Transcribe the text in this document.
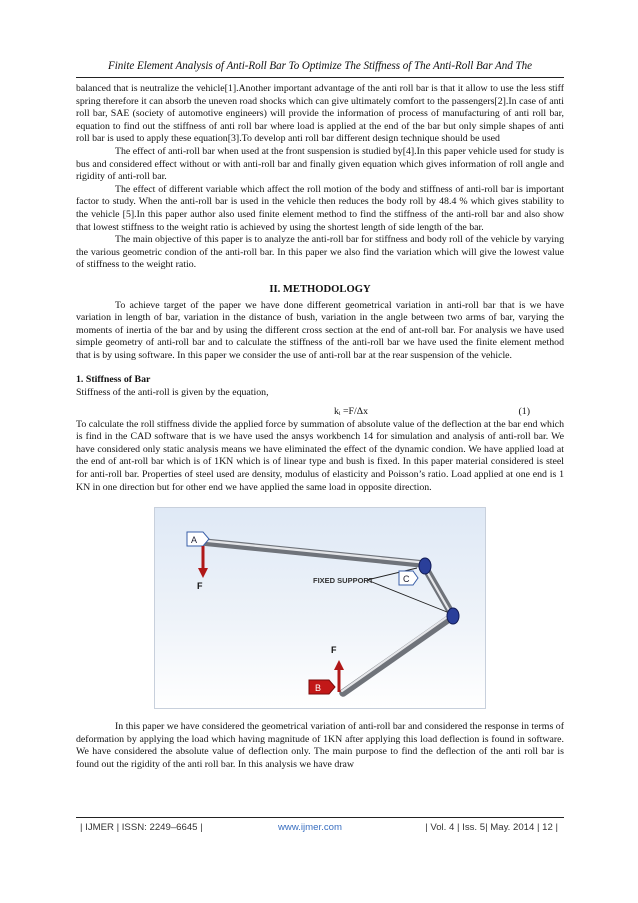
Finite Element Analysis of Anti-Roll Bar To Optimize The Stiffness of The Anti-Roll Bar And The

balanced that is neutralize the vehicle[1].Another important advantage of the anti roll bar is that it allow to use the less stiff spring therefore it can absorb the uneven road shocks which can give ultimately comfort to the passengers[2].In case of anti roll bar, SAE (society of automotive engineers) will provide the information of process of manufacturing of anti roll bar, equation to find out the stiffness of anti roll bar where load is applied at the end of the bar but only simple shapes of anti roll bar is used to apply these equation[3].To develop anti roll bar different design technique should be used

The effect of anti-roll bar when used at the front suspension is studied by[4].In this paper vehicle used for study is bus and considered effect without or with anti-roll bar and finally given equation which gives information of roll angle and rigidity of anti-roll bar.

The effect of different variable which affect the roll motion of the body and stiffness of anti-roll bar is important factor to study. When the anti-roll bar is used in the vehicle then reduces the body roll by 48.4 % which gives stability to the vehicle [5].In this paper author also used finite element method to find the stiffness of the anti-roll bar and also show that lowest stiffness to the weight ratio is achieved by using the shortest length of side length of the bar.

The main objective of this paper is to analyze the anti-roll bar for stiffness and body roll of the vehicle by varying the various geometric condion of the anti-roll bar. In this paper we also find the variation which will give the lowest value of stiffness to the weight ratio.

II. METHODOLOGY

To achieve target of the paper we have done different geometrical variation in anti-roll bar that is we have variation in length of bar, variation in the distance of bush, variation in the angle between two arms of bar, varying the moments of inertia of the bar and by using the different cross section at the end of ant-roll bar. For analysis we have used simple geometry of anti-roll bar and to calculate the stiffness of the anti-roll bar we have used the finite element method that is by using software. In this paper we consider the use of anti-roll bar at the rear suspension of the vehicle.

1. Stiffness of Bar

Stiffness of the anti-roll is given by the equation,

kᵢ =F/Δx	(1)

To calculate the roll stiffness divide the applied force by summation of absolute value of the deflection at the bar end which is find in the CAD software that is we have used the ansys workbench 14 for simulation and analysis of anti-roll bar. We have considered only static analysis means we have eliminated the effect of the dynamic condion. We have applied load at the end of ant-roll bar which is of 1KN which is of linear type and bush is fixed. In this paper material considered is steel for anti-roll bar. Properties of steel used are density, modulus of elasticity and Poisson’s ratio. Load applied at one end is 1 KN in one direction but for other end we have applied the same load in opposite direction.

A
C
B
F
F
FIXED SUPPORT

In this paper we have considered the geometrical variation of anti-roll bar and considered the response in terms of deformation by applying the load which having magnitude of 1KN after applying this load deflection is found in software. We have considered the absolute value of deflection only. The main purpose to find the deflection of the anti roll bar is found out the rigidity of the anti roll bar. In this analysis we have draw

| IJMER | ISSN: 2249–6645 |	www.ijmer.com	| Vol. 4 | Iss. 5| May. 2014 | 12 |
